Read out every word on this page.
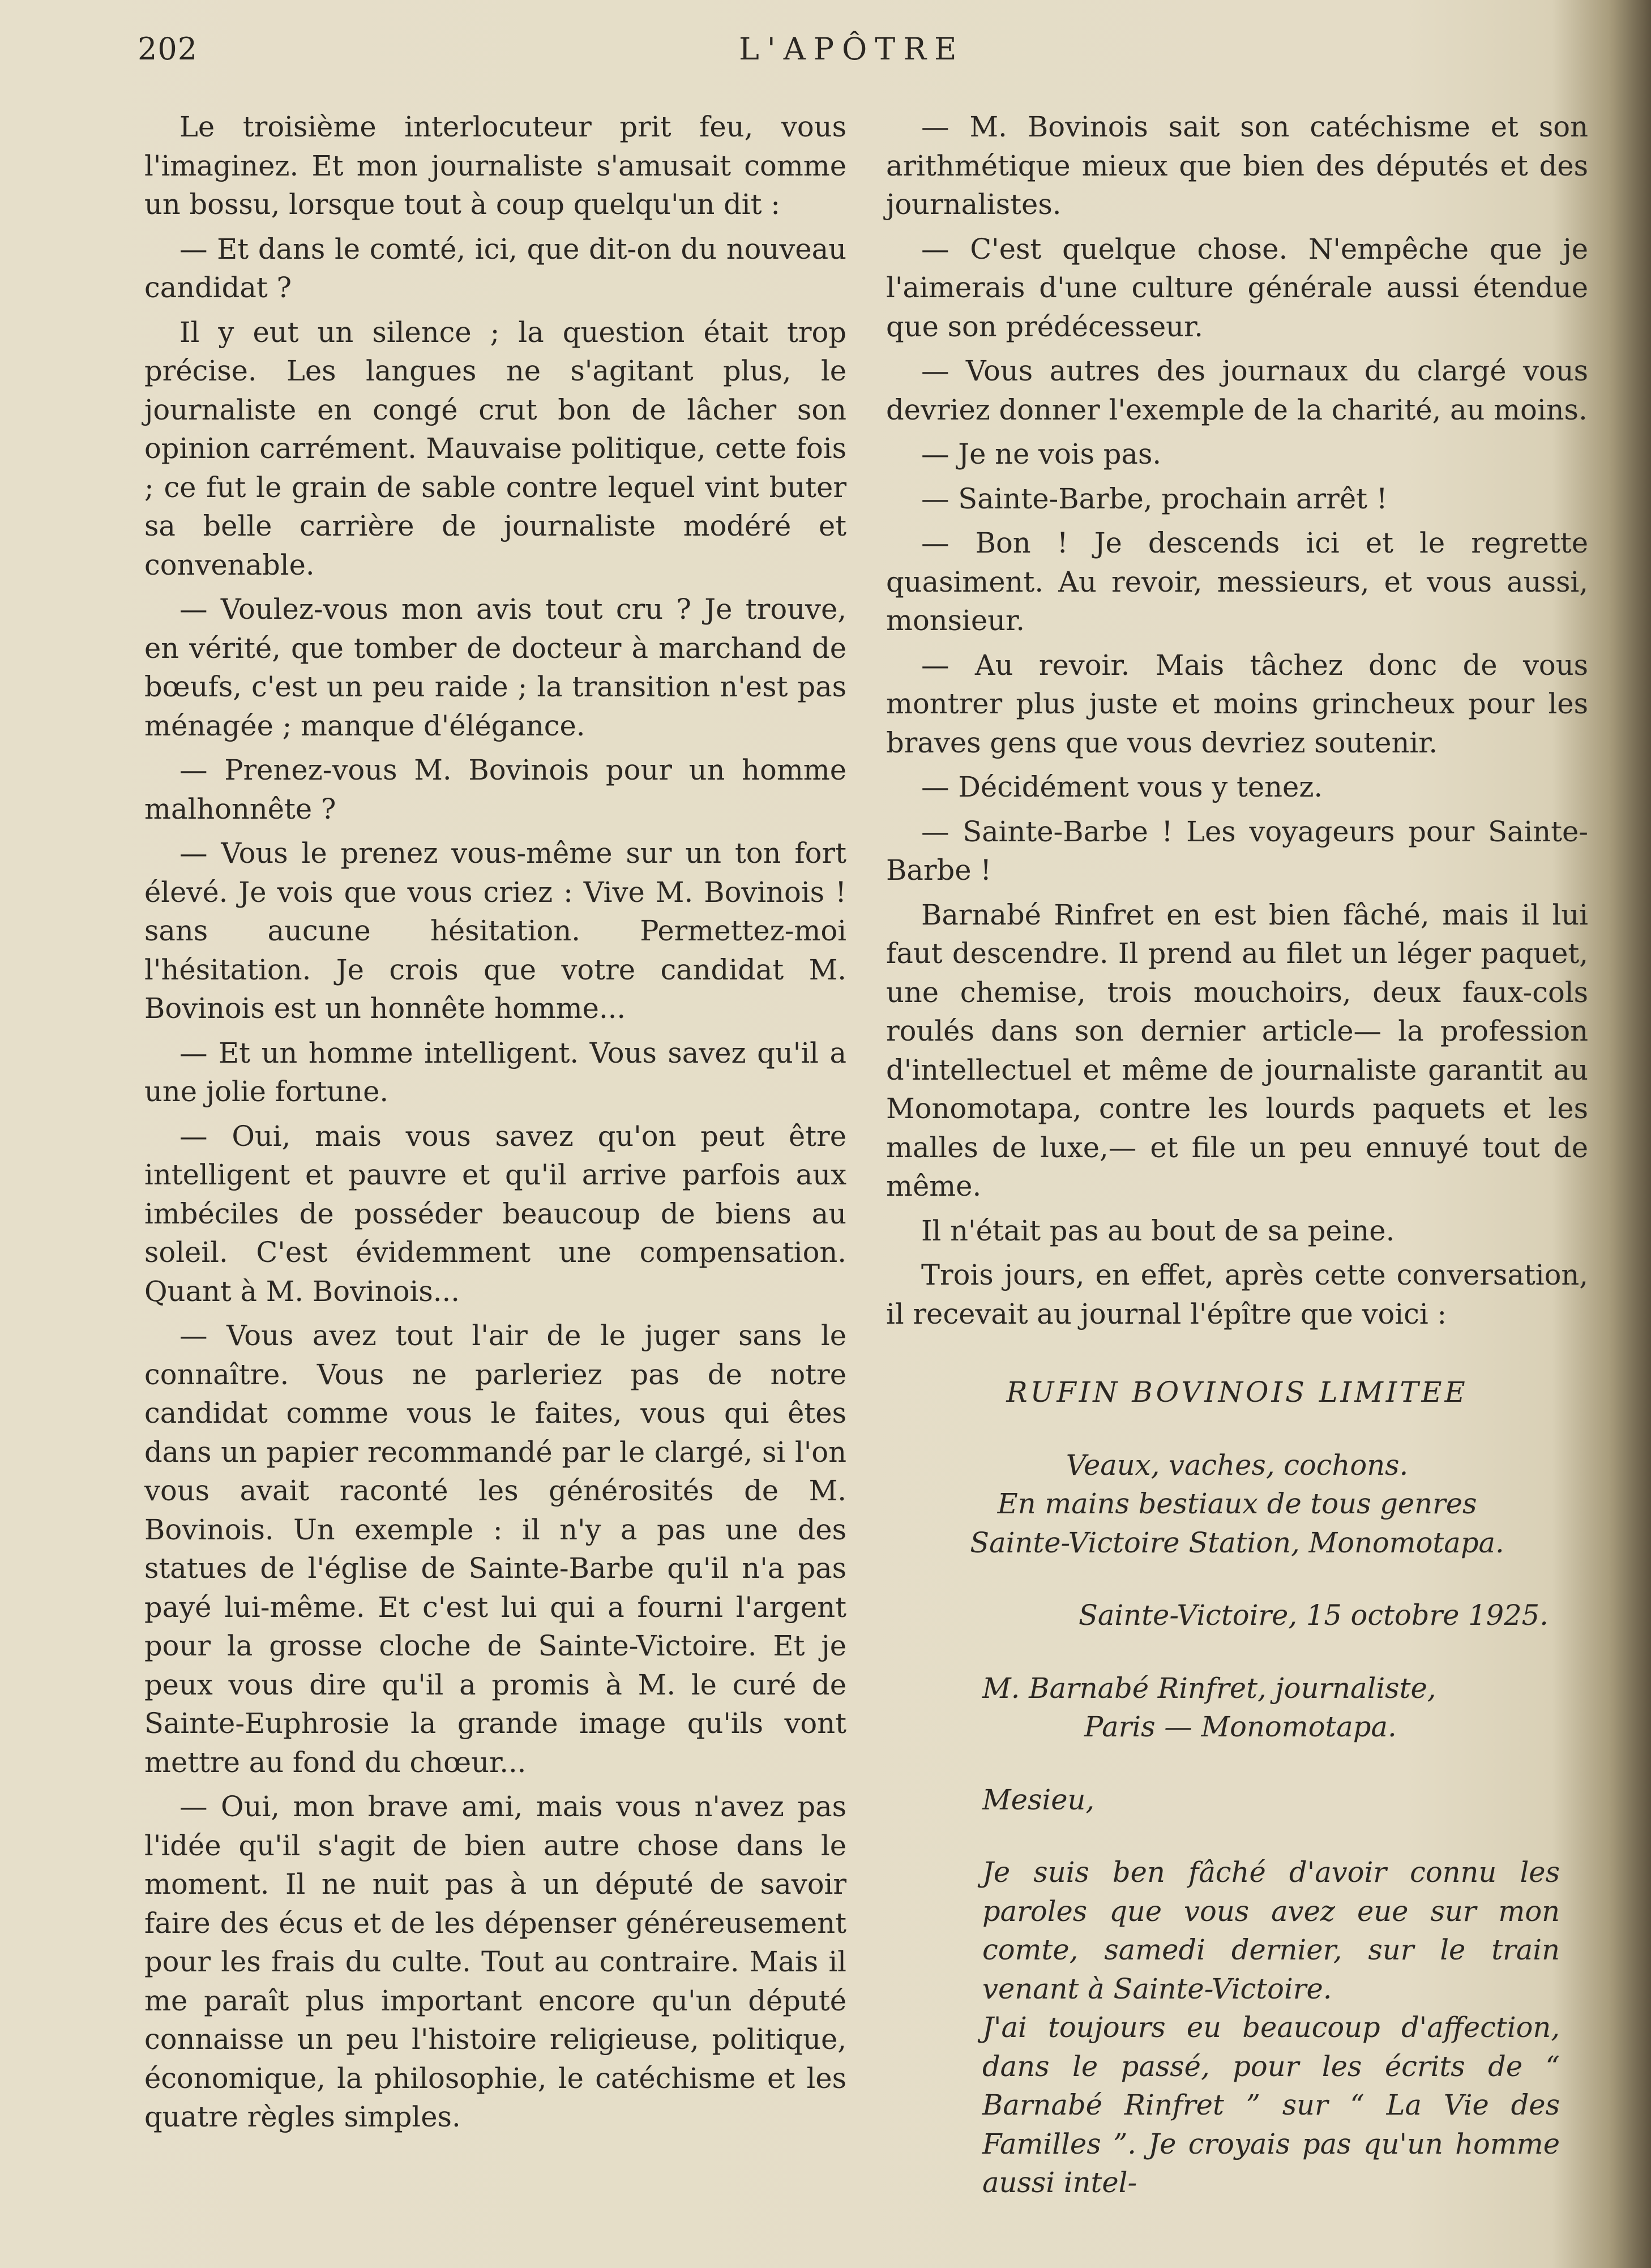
202	L'APÔTRE

Le troisième interlocuteur prit feu, vous l'imaginez. Et mon journaliste s'amusait comme un bossu, lorsque tout à coup quelqu'un dit :

— Et dans le comté, ici, que dit-on du nouveau candidat ?

Il y eut un silence ; la question était trop précise. Les langues ne s'agitant plus, le journaliste en congé crut bon de lâcher son opinion carrément. Mauvaise politique, cette fois ; ce fut le grain de sable contre lequel vint buter sa belle carrière de journaliste modéré et convenable.

— Voulez-vous mon avis tout cru ? Je trouve, en vérité, que tomber de docteur à marchand de bœufs, c'est un peu raide ; la transition n'est pas ménagée ; manque d'élégance.

— Prenez-vous M. Bovinois pour un homme malhonnête ?

— Vous le prenez vous-même sur un ton fort élevé. Je vois que vous criez : Vive M. Bovinois ! sans aucune hésitation. Permettez-moi l'hésitation. Je crois que votre candidat M. Bovinois est un honnête homme...

— Et un homme intelligent. Vous savez qu'il a une jolie fortune.

— Oui, mais vous savez qu'on peut être intelligent et pauvre et qu'il arrive parfois aux imbéciles de posséder beaucoup de biens au soleil. C'est évidemment une compensation. Quant à M. Bovinois...

— Vous avez tout l'air de le juger sans le connaître. Vous ne parleriez pas de notre candidat comme vous le faites, vous qui êtes dans un papier recommandé par le clargé, si l'on vous avait raconté les générosités de M. Bovinois. Un exemple : il n'y a pas une des statues de l'église de Sainte-Barbe qu'il n'a pas payé lui-même. Et c'est lui qui a fourni l'argent pour la grosse cloche de Sainte-Victoire. Et je peux vous dire qu'il a promis à M. le curé de Sainte-Euphrosie la grande image qu'ils vont mettre au fond du chœur...

— Oui, mon brave ami, mais vous n'avez pas l'idée qu'il s'agit de bien autre chose dans le moment. Il ne nuit pas à un député de savoir faire des écus et de les dépenser généreusement pour les frais du culte. Tout au contraire. Mais il me paraît plus important encore qu'un député connaisse un peu l'histoire religieuse, politique, économique, la philosophie, le catéchisme et les quatre règles simples.

— M. Bovinois sait son catéchisme et son arithmétique mieux que bien des députés et des journalistes.

— C'est quelque chose. N'empêche que je l'aimerais d'une culture générale aussi étendue que son prédécesseur.

— Vous autres des journaux du clargé vous devriez donner l'exemple de la charité, au moins.

— Je ne vois pas.

— Sainte-Barbe, prochain arrêt !

— Bon ! Je descends ici et le regrette quasiment. Au revoir, messieurs, et vous aussi, monsieur.

— Au revoir. Mais tâchez donc de vous montrer plus juste et moins grincheux pour les braves gens que vous devriez soutenir.

— Décidément vous y tenez.

— Sainte-Barbe ! Les voyageurs pour Sainte-Barbe !

Barnabé Rinfret en est bien fâché, mais il lui faut descendre. Il prend au filet un léger paquet, une chemise, trois mouchoirs, deux faux-cols roulés dans son dernier article— la profession d'intellectuel et même de journaliste garantit au Monomotapa, contre les lourds paquets et les malles de luxe,— et file un peu ennuyé tout de même.

Il n'était pas au bout de sa peine.

Trois jours, en effet, après cette conversation, il recevait au journal l'épître que voici :

RUFIN BOVINOIS LIMITEE

Veaux, vaches, cochons.

En mains bestiaux de tous genres

Sainte-Victoire Station, Monomotapa.

Sainte-Victoire, 15 octobre 1925.

M. Barnabé Rinfret, journaliste,

Paris — Monomotapa.

Mesieu,

Je suis ben fâché d'avoir connu les paroles que vous avez eue sur mon comte, samedi dernier, sur le train venant à Sainte-Victoire.

J'ai toujours eu beaucoup d'affection, dans le passé, pour les écrits de “ Barnabé Rinfret ” sur “ La Vie des Familles ”. Je croyais pas qu'un homme aussi intel-
